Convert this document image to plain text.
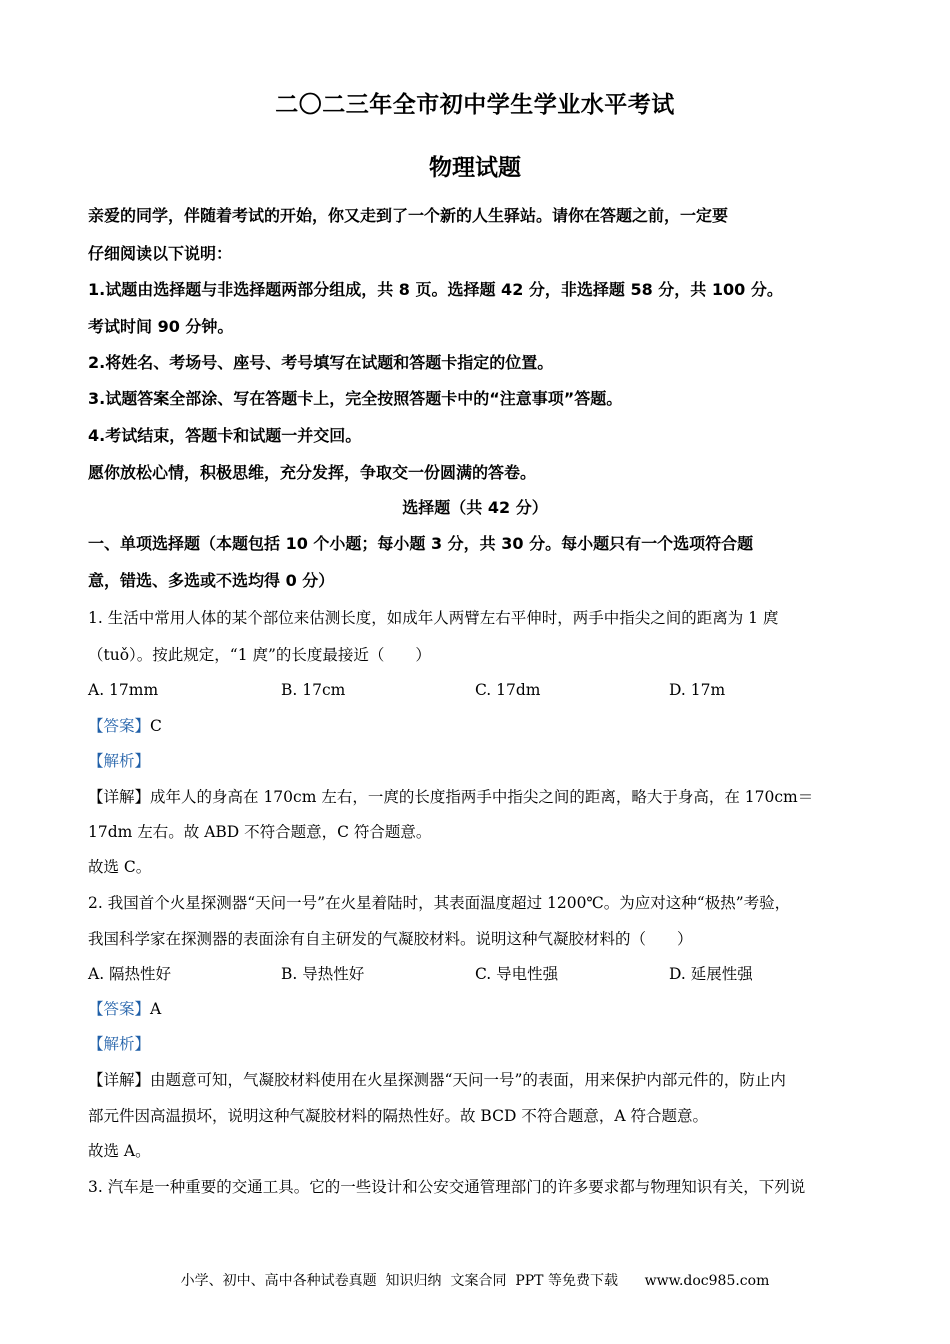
二〇二三年全市初中学生学业水平考试
物理试题
亲爱的同学，伴随着考试的开始，你又走到了一个新的人生驿站。请你在答题之前，一定要
仔细阅读以下说明：
1.试题由选择题与非选择题两部分组成，共 8 页。选择题 42 分，非选择题 58 分，共 100 分。
考试时间 90 分钟。
2.将姓名、考场号、座号、考号填写在试题和答题卡指定的位置。
3.试题答案全部涂、写在答题卡上，完全按照答题卡中的“注意事项”答题。
4.考试结束，答题卡和试题一并交回。
愿你放松心情，积极思维，充分发挥，争取交一份圆满的答卷。
选择题（共 42 分）
一、单项选择题（本题包括 10 个小题；每小题 3 分，共 30 分。每小题只有一个选项符合题
意，错选、多选或不选均得 0 分）
1. 生活中常用人体的某个部位来估测长度，如成年人两臂左右平伸时，两手中指尖之间的距离为 1 庹
（tuǒ）。按此规定，“1 庹”的长度最接近（　　）
A. 17mm	B. 17cm	C. 17dm	D. 17m
【答案】C
【解析】
【详解】成年人的身高在 170cm 左右，一庹的长度指两手中指尖之间的距离，略大于身高，在 170cm＝
17dm 左右。故 ABD 不符合题意，C 符合题意。
故选 C。
2. 我国首个火星探测器“天问一号”在火星着陆时，其表面温度超过 1200℃。为应对这种“极热”考验，
我国科学家在探测器的表面涂有自主研发的气凝胶材料。说明这种气凝胶材料的（　　）
A. 隔热性好	B. 导热性好	C. 导电性强	D. 延展性强
【答案】A
【解析】
【详解】由题意可知，气凝胶材料使用在火星探测器“天问一号”的表面，用来保护内部元件的，防止内
部元件因高温损坏，说明这种气凝胶材料的隔热性好。故 BCD 不符合题意，A 符合题意。
故选 A。
3. 汽车是一种重要的交通工具。它的一些设计和公安交通管理部门的许多要求都与物理知识有关，下列说
小学、初中、高中各种试卷真题  知识归纳  文案合同  PPT 等免费下载      www.doc985.com
